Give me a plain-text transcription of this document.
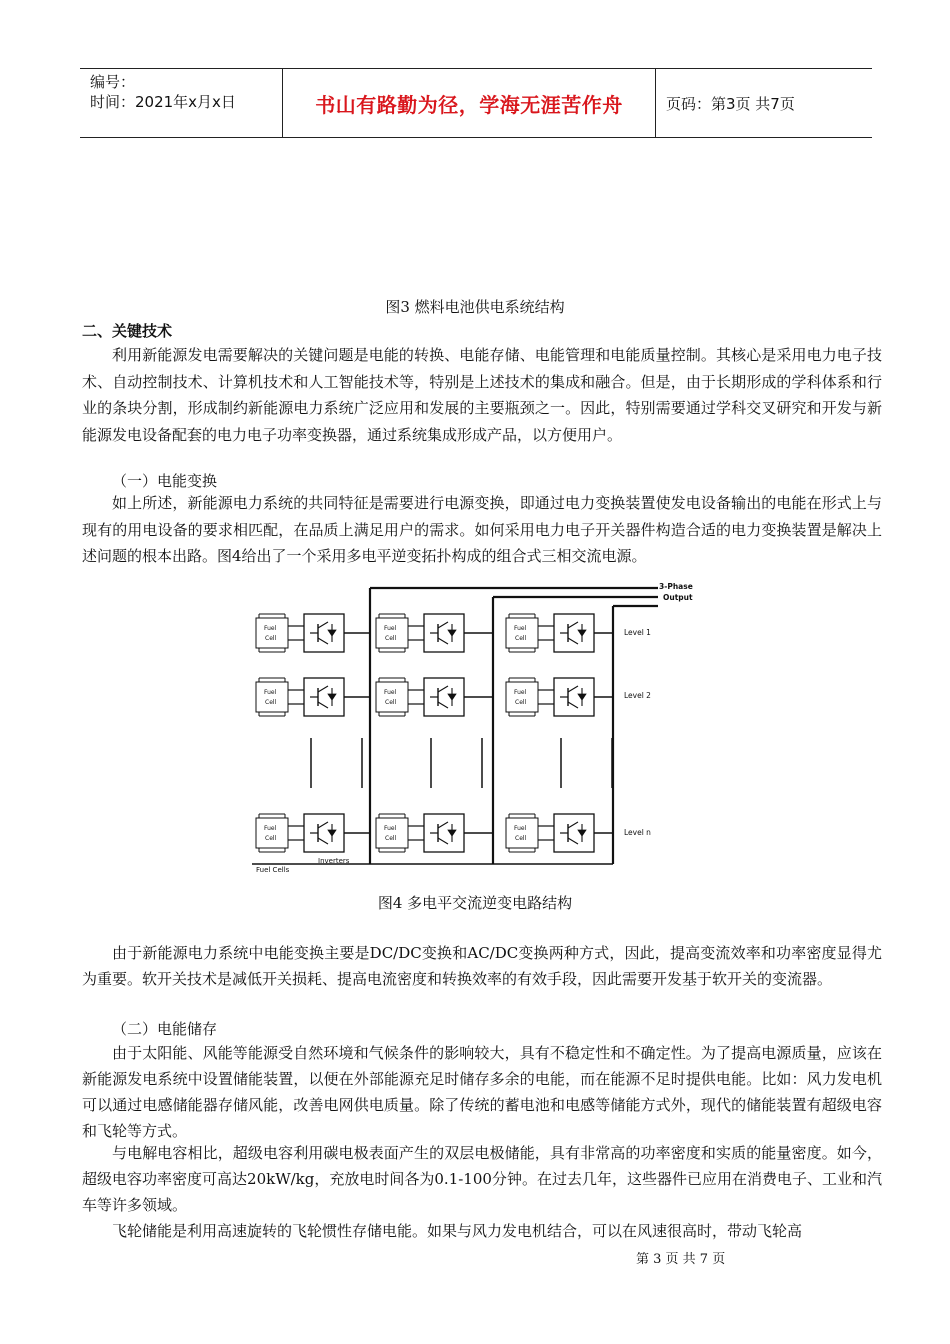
编号：
时间：2021年x月x日	书山有路勤为径，学海无涯苦作舟	页码：第3页 共7页
图3 燃料电池供电系统结构
二、关键技术
利用新能源发电需要解决的关键问题是电能的转换、电能存储、电能管理和电能质量控制。其核心是采用电力电子技术、自动控制技术、计算机技术和人工智能技术等，特别是上述技术的集成和融合。但是，由于长期形成的学科体系和行业的条块分割，形成制约新能源电力系统广泛应用和发展的主要瓶颈之一。因此，特别需要通过学科交叉研究和开发与新能源发电设备配套的电力电子功率变换器，通过系统集成形成产品，以方便用户。
（一）电能变换
如上所述，新能源电力系统的共同特征是需要进行电源变换，即通过电力变换装置使发电设备输出的电能在形式上与现有的用电设备的要求相匹配，在品质上满足用户的需求。如何采用电力电子开关器件构造合适的电力变换装置是解决上述问题的根本出路。图4给出了一个采用多电平逆变拓扑构成的组合式三相交流电源。
Fuel
Cell
Fuel
Cell
Fuel
Cell
Fuel
Cell
Fuel
Cell
Fuel
Cell
Fuel
Cell
Fuel
Cell
Fuel
Cell
3-Phase
Output
Level 1
Level 2
Level n
Fuel Cells
Inverters
图4 多电平交流逆变电路结构
由于新能源电力系统中电能变换主要是DC/DC变换和AC/DC变换两种方式，因此，提高变流效率和功率密度显得尤为重要。软开关技术是减低开关损耗、提高电流密度和转换效率的有效手段，因此需要开发基于软开关的变流器。
（二）电能储存
由于太阳能、风能等能源受自然环境和气候条件的影响较大，具有不稳定性和不确定性。为了提高电源质量，应该在新能源发电系统中设置储能装置，以便在外部能源充足时储存多余的电能，而在能源不足时提供电能。比如：风力发电机可以通过电感储能器存储风能，改善电网供电质量。除了传统的蓄电池和电感等储能方式外，现代的储能装置有超级电容和飞轮等方式。
与电解电容相比，超级电容利用碳电极表面产生的双层电极储能，具有非常高的功率密度和实质的能量密度。如今，超级电容功率密度可高达20kW/kg，充放电时间各为0.1-100分钟。在过去几年，这些器件已应用在消费电子、工业和汽车等许多领域。
飞轮储能是利用高速旋转的飞轮惯性存储电能。如果与风力发电机结合，可以在风速很高时，带动飞轮高
第 3 页 共 7 页
